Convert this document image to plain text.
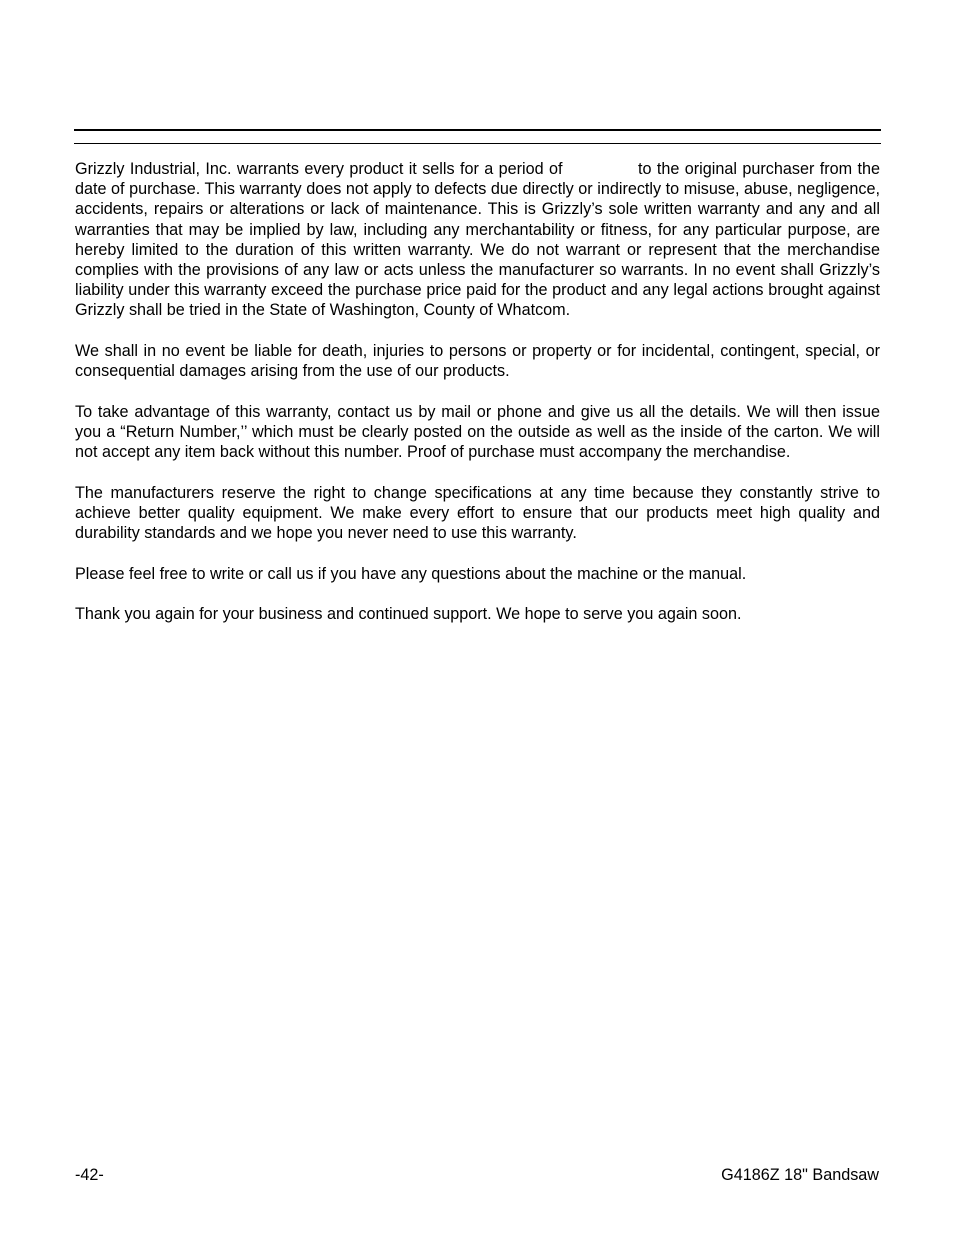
Grizzly Industrial, Inc. warrants every product it sells for a period of              to the original purchaser from the date of purchase. This warranty does not apply to defects due directly or indirectly to misuse, abuse, negligence, accidents, repairs or alterations or lack of maintenance. This is Grizzly’s sole written warranty and any and all warranties that may be implied by law, including any merchantability or fitness, for any particular purpose, are hereby limited to the duration of this written warranty. We do not warrant or represent that the merchandise complies with the provisions of any law or acts unless the manufacturer so warrants. In no event shall Grizzly’s liability under this warranty exceed the purchase price paid for the product and any legal actions brought against Grizzly shall be tried in the State of Washington, County of Whatcom.

We shall in no event be liable for death, injuries to persons or property or for incidental, contingent, special, or consequential damages arising from the use of our products.

To take advantage of this warranty, contact us by mail or phone and give us all the details. We will then issue you a “Return Number,’’ which must be clearly posted on the outside as well as the inside of the carton. We will not accept any item back without this number. Proof of purchase must accompany the merchandise.

The manufacturers reserve the right to change specifications at any time because they constantly strive to achieve better quality equipment. We make every effort to ensure that our products meet high quality and durability standards and we hope you never need to use this warranty.

Please feel free to write or call us if you have any questions about the machine or the manual.

Thank you again for your business and continued support. We hope to serve you again soon.

-42-	G4186Z 18" Bandsaw
